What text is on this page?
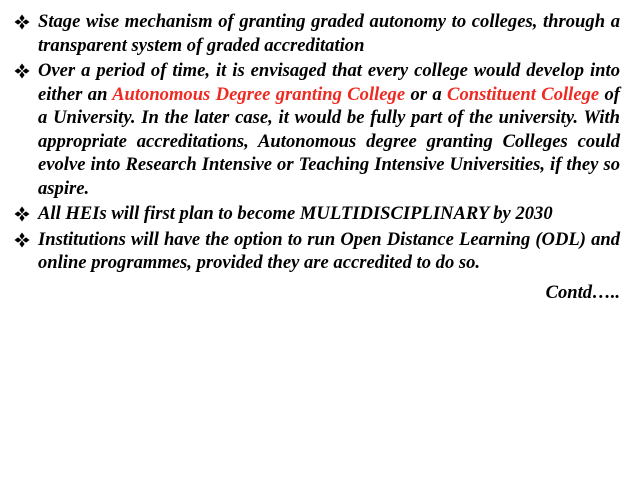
Stage wise mechanism of granting graded autonomy to colleges, through a transparent system of graded accreditation
Over a period of time, it is envisaged that every college would develop into either an Autonomous Degree granting College or a Constituent College of a University. In the later case, it would be fully part of the university. With appropriate accreditations, Autonomous degree granting Colleges could evolve into Research Intensive or Teaching Intensive Universities, if they so aspire.
All HEIs will first plan to become MULTIDISCIPLINARY by 2030
Institutions will have the option to run Open Distance Learning (ODL) and online programmes, provided they are accredited to do so.
Contd…..
